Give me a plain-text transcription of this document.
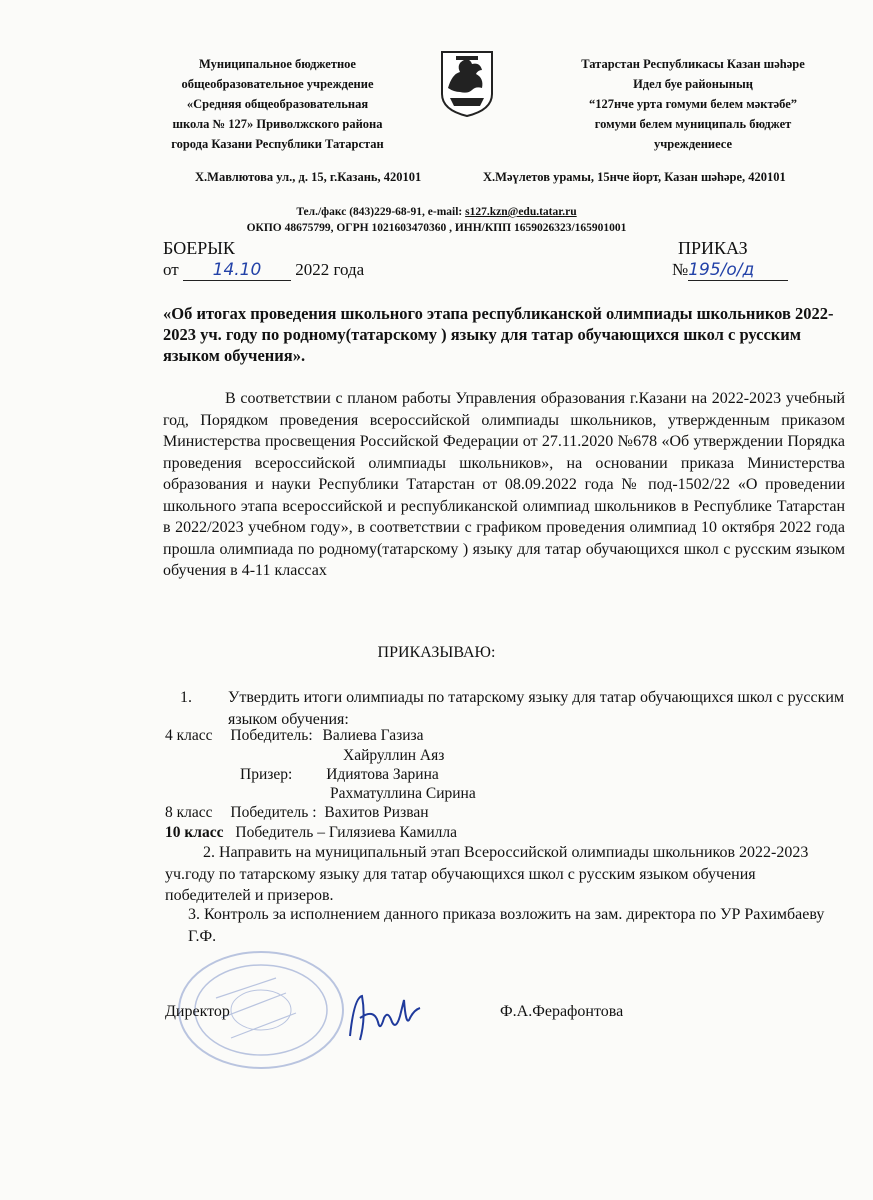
Муниципальное бюджетное
общеобразовательное учреждение
«Средняя общеобразовательная
школа № 127» Приволжского района
города Казани Республики Татарстан
Татарстан Республикасы Казан шәһәре
Идел буе районының
“127нче урта гомуми белем мәктәбе”
гомуми белем муниципаль бюджет
учреждениесе
Х.Мавлютова ул., д. 15, г.Казань, 420101	Х.Мәүлетов урамы, 15нче йорт, Казан шәһәре, 420101
Тел./факс (843)229-68-91, e-mail: s127.kzn@edu.tatar.ru
ОКПО 48675799, ОГРН 1021603470360 , ИНН/КПП 1659026323/165901001
БОЕРЫК	ПРИКАЗ
от 14.10 2022 года	№195/о/д
«Об итогах проведения школьного этапа республиканской олимпиады школьников 2022-2023 уч. году по родному(татарскому ) языку для татар обучающихся школ с русским языком обучения».
В соответствии с планом работы Управления образования г.Казани на 2022-2023 учебный год, Порядком проведения всероссийской олимпиады школьников, утвержденным приказом Министерства просвещения Российской Федерации от 27.11.2020 №678 «Об утверждении Порядка проведения всероссийской олимпиады школьников», на основании приказа Министерства образования и науки Республики Татарстан от 08.09.2022 года № под-1502/22 «О проведении школьного этапа всероссийской и республиканской олимпиад школьников в Республике Татарстан в 2022/2023 учебном году», в соответствии с графиком проведения олимпиад 10 октября 2022 года прошла олимпиада по родному(татарскому ) языку для татар обучающихся школ с русским языком обучения в 4-11 классах
ПРИКАЗЫВАЮ:
1. Утвердить итоги олимпиады по татарскому языку для татар обучающихся школ с русским языком обучения:
4 класс Победитель: Валиева Газиза
Хайруллин Аяз
Призер: Идиятова Зарина
Рахматуллина Сирина
8 класс Победитель : Вахитов Ризван
10 класс Победитель – Гилязиева Камилла
2. Направить на муниципальный этап Всероссийской олимпиады школьников 2022-2023 уч.году по татарскому языку для татар обучающихся школ с русским языком обучения победителей и призеров.
3. Контроль за исполнением данного приказа возложить на зам. директора по УР Рахимбаеву Г.Ф.
Директор	Ф.А.Ферафонтова
